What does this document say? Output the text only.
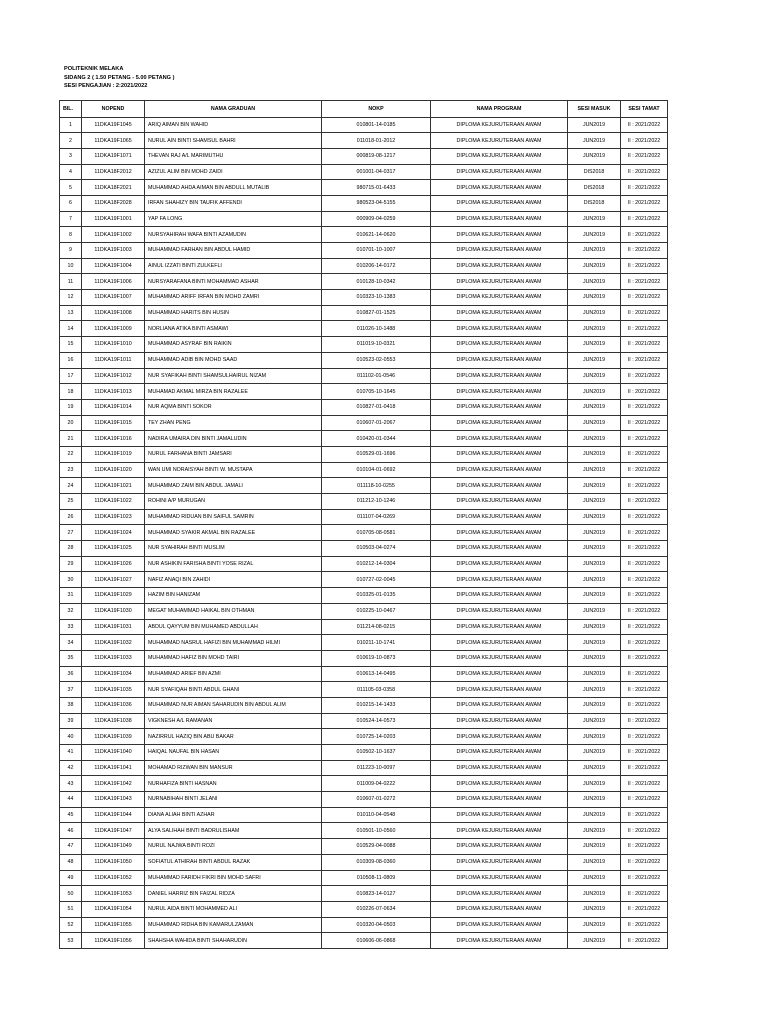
POLITEKNIK MELAKA
SIDANG 2 ( 1.50 PETANG - 5.00 PETANG )
SESI PENGAJIAN : 2:2021/2022
BIL.	NOPEND	NAMA GRADUAN	NOKP	NAMA PROGRAM	SESI MASUK	SESI TAMAT
1	11DKA19F1045	ARIQ AIMAN BIN WAHID	010801-14-0185	DIPLOMA KEJURUTERAAN AWAM	JUN2019	II : 2021/2022
2	11DKA19F1065	NURUL AIN BINTI SHAMSUL BAHRI	011018-01-2012	DIPLOMA KEJURUTERAAN AWAM	JUN2019	II : 2021/2022
3	11DKA19F1071	THEVAN RAJ A/L MARIMUTHU	000819-08-1217	DIPLOMA KEJURUTERAAN AWAM	JUN2019	II : 2021/2022
4	11DKA18F2012	AZIZUL ALIM BIN MOHD ZAIDI	001001-04-0317	DIPLOMA KEJURUTERAAN AWAM	DIS2018	II : 2021/2022
5	11DKA18F2021	MUHAMMAD AHDA AIMAN BIN ABDULL MUTALIB	980715-01-6433	DIPLOMA KEJURUTERAAN AWAM	DIS2018	II : 2021/2022
6	11DKA18F2028	IRFAN SHAHIZY BIN TAUFIK AFFENDI	980523-04-5155	DIPLOMA KEJURUTERAAN AWAM	DIS2018	II : 2021/2022
7	11DKA19F1001	YAP FA LONG	000909-04-0259	DIPLOMA KEJURUTERAAN AWAM	JUN2019	II : 2021/2022
8	11DKA19F1002	NURSYAHIRAH WAFA BINTI AZAMUDIN	010621-14-0620	DIPLOMA KEJURUTERAAN AWAM	JUN2019	II : 2021/2022
9	11DKA19F1003	MUHAMMAD FARHAN BIN ABDUL HAMID	010701-10-1007	DIPLOMA KEJURUTERAAN AWAM	JUN2019	II : 2021/2022
10	11DKA19F1004	AINUL IZZATI BINTI ZULKEFLI	010206-14-0172	DIPLOMA KEJURUTERAAN AWAM	JUN2019	II : 2021/2022
11	11DKA19F1006	NURSYARAFANA BINTI MOHAMMAD ASHAR	010128-10-0342	DIPLOMA KEJURUTERAAN AWAM	JUN2019	II : 2021/2022
12	11DKA19F1007	MUHAMMAD ARIFF IRFAN BIN MOHD ZAMRI	010323-10-1383	DIPLOMA KEJURUTERAAN AWAM	JUN2019	II : 2021/2022
13	11DKA19F1008	MUHAMMAD HARITS BIN HUSIN	010827-01-1525	DIPLOMA KEJURUTERAAN AWAM	JUN2019	II : 2021/2022
14	11DKA19F1009	NORLIANA ATIKA BINTI ASMAWI	011026-10-1488	DIPLOMA KEJURUTERAAN AWAM	JUN2019	II : 2021/2022
15	11DKA19F1010	MUHAMMAD ASYRAF BIN RAIKIN	011019-10-0321	DIPLOMA KEJURUTERAAN AWAM	JUN2019	II : 2021/2022
16	11DKA19F1011	MUHAMMAD ADIB BIN MOHD SAAD	010523-02-0553	DIPLOMA KEJURUTERAAN AWAM	JUN2019	II : 2021/2022
17	11DKA19F1012	NUR SYAFIKAH BINTI SHAMSULHAIRUL NIZAM	011102-01-0546	DIPLOMA KEJURUTERAAN AWAM	JUN2019	II : 2021/2022
18	11DKA19F1013	MUHAMAD AKMAL MIRZA BIN RAZALEE	010705-10-1645	DIPLOMA KEJURUTERAAN AWAM	JUN2019	II : 2021/2022
19	11DKA19F1014	NUR AQMA BINTI SOKOR	010827-01-0418	DIPLOMA KEJURUTERAAN AWAM	JUN2019	II : 2021/2022
20	11DKA19F1015	TEY ZHAN PENG	010607-01-2067	DIPLOMA KEJURUTERAAN AWAM	JUN2019	II : 2021/2022
21	11DKA19F1016	NADIRA UMAIRA DIN BINTI JAMALUDIN	010420-01-0344	DIPLOMA KEJURUTERAAN AWAM	JUN2019	II : 2021/2022
22	11DKA19F1019	NURUL FARHANA BINTI JAMSARI	010529-01-1696	DIPLOMA KEJURUTERAAN AWAM	JUN2019	II : 2021/2022
23	11DKA19F1020	WAN UMI NORAISYAH BINTI W. MUSTAPA	010104-01-0692	DIPLOMA KEJURUTERAAN AWAM	JUN2019	II : 2021/2022
24	11DKA19F1021	MUHAMMAD ZAIM BIN ABDUL JAMALI	011118-10-0255	DIPLOMA KEJURUTERAAN AWAM	JUN2019	II : 2021/2022
25	11DKA19F1022	ROHINI A/P MURUGAN	011212-10-1246	DIPLOMA KEJURUTERAAN AWAM	JUN2019	II : 2021/2022
26	11DKA19F1023	MUHAMMAD RIDUAN BIN SAIFUL SAMRIN	011107-04-0269	DIPLOMA KEJURUTERAAN AWAM	JUN2019	II : 2021/2022
27	11DKA19F1024	MUHAMMAD SYAKIR AKMAL BIN RAZALEE	010705-08-0581	DIPLOMA KEJURUTERAAN AWAM	JUN2019	II : 2021/2022
28	11DKA19F1025	NUR SYAHIRAH BINTI MUSLIM	010503-04-0274	DIPLOMA KEJURUTERAAN AWAM	JUN2019	II : 2021/2022
29	11DKA19F1026	NUR ASHIKIN FARISHA BINTI YOSE RIZAL	010212-14-0304	DIPLOMA KEJURUTERAAN AWAM	JUN2019	II : 2021/2022
30	11DKA19F1027	NAFIZ ANAQI BIN ZAHIDI	010727-02-0045	DIPLOMA KEJURUTERAAN AWAM	JUN2019	II : 2021/2022
31	11DKA19F1029	HAZIM BIN HANIZAM	010325-01-0135	DIPLOMA KEJURUTERAAN AWAM	JUN2019	II : 2021/2022
32	11DKA19F1030	MEGAT MUHAMMAD HAIKAL BIN OTHMAN	010225-10-0467	DIPLOMA KEJURUTERAAN AWAM	JUN2019	II : 2021/2022
33	11DKA19F1031	ABDUL QAYYUM BIN MUHAMED ABDULLAH	011214-08-0215	DIPLOMA KEJURUTERAAN AWAM	JUN2019	II : 2021/2022
34	11DKA19F1032	MUHAMMAD NASRUL HAFIZI BIN MUHAMMAD HILMI	010211-10-1741	DIPLOMA KEJURUTERAAN AWAM	JUN2019	II : 2021/2022
35	11DKA19F1033	MUHAMMAD HAFIZ BIN MOHD TAIRI	010619-10-0873	DIPLOMA KEJURUTERAAN AWAM	JUN2019	II : 2021/2022
36	11DKA19F1034	MUHAMMAD ARIEF BIN AZMI	010613-14-0495	DIPLOMA KEJURUTERAAN AWAM	JUN2019	II : 2021/2022
37	11DKA19F1035	NUR SYAFIQAH BINTI ABDUL GHANI	011105-03-0358	DIPLOMA KEJURUTERAAN AWAM	JUN2019	II : 2021/2022
38	11DKA19F1036	MUHAMMAD NUR AIMAN SAHARUDIN BIN ABDUL ALIM	010215-14-1433	DIPLOMA KEJURUTERAAN AWAM	JUN2019	II : 2021/2022
39	11DKA19F1038	VIGKNESH A/L RAMANAN	010524-14-0573	DIPLOMA KEJURUTERAAN AWAM	JUN2019	II : 2021/2022
40	11DKA19F1039	NAZIRRUL HAZIQ BIN ABU BAKAR	010725-14-0203	DIPLOMA KEJURUTERAAN AWAM	JUN2019	II : 2021/2022
41	11DKA19F1040	HAIQAL NAUFAL BIN HASAN	010502-10-1637	DIPLOMA KEJURUTERAAN AWAM	JUN2019	II : 2021/2022
42	11DKA19F1041	MOHAMAD RIZWAN BIN MANSUR	011223-10-0097	DIPLOMA KEJURUTERAAN AWAM	JUN2019	II : 2021/2022
43	11DKA19F1042	NURHAFIZA BINTI HASNAN	011009-04-0222	DIPLOMA KEJURUTERAAN AWAM	JUN2019	II : 2021/2022
44	11DKA19F1043	NURNABIHAH BINTI JELANI	010607-01-0272	DIPLOMA KEJURUTERAAN AWAM	JUN2019	II : 2021/2022
45	11DKA19F1044	DIANA ALIAH BINTI AZHAR	010110-04-0548	DIPLOMA KEJURUTERAAN AWAM	JUN2019	II : 2021/2022
46	11DKA19F1047	ALYA SALIHAH BINTI BADRULISHAM	010501-10-0560	DIPLOMA KEJURUTERAAN AWAM	JUN2019	II : 2021/2022
47	11DKA19F1049	NURUL NAJWA BINTI ROZI	010529-04-0088	DIPLOMA KEJURUTERAAN AWAM	JUN2019	II : 2021/2022
48	11DKA19F1050	SOFIATUL ATHIRAH BINTI ABDUL RAZAK	010309-08-0360	DIPLOMA KEJURUTERAAN AWAM	JUN2019	II : 2021/2022
49	11DKA19F1052	MUHAMMAD FARIDH FIKRI BIN MOHD SAFRI	010508-11-0809	DIPLOMA KEJURUTERAAN AWAM	JUN2019	II : 2021/2022
50	11DKA19F1053	DANIEL HARRIZ BIN FAIZAL RIDZA	010823-14-0127	DIPLOMA KEJURUTERAAN AWAM	JUN2019	II : 2021/2022
51	11DKA19F1054	NURUL AIDA BINTI MOHAMMED ALI	010226-07-0634	DIPLOMA KEJURUTERAAN AWAM	JUN2019	II : 2021/2022
52	11DKA19F1055	MUHAMMAD RIDHA BIN KAMARULZAMAN	010320-04-0503	DIPLOMA KEJURUTERAAN AWAM	JUN2019	II : 2021/2022
53	11DKA19F1056	SHAHSHA WAHIDA BINTI SHAHARUDIN	010606-06-0868	DIPLOMA KEJURUTERAAN AWAM	JUN2019	II : 2021/2022
